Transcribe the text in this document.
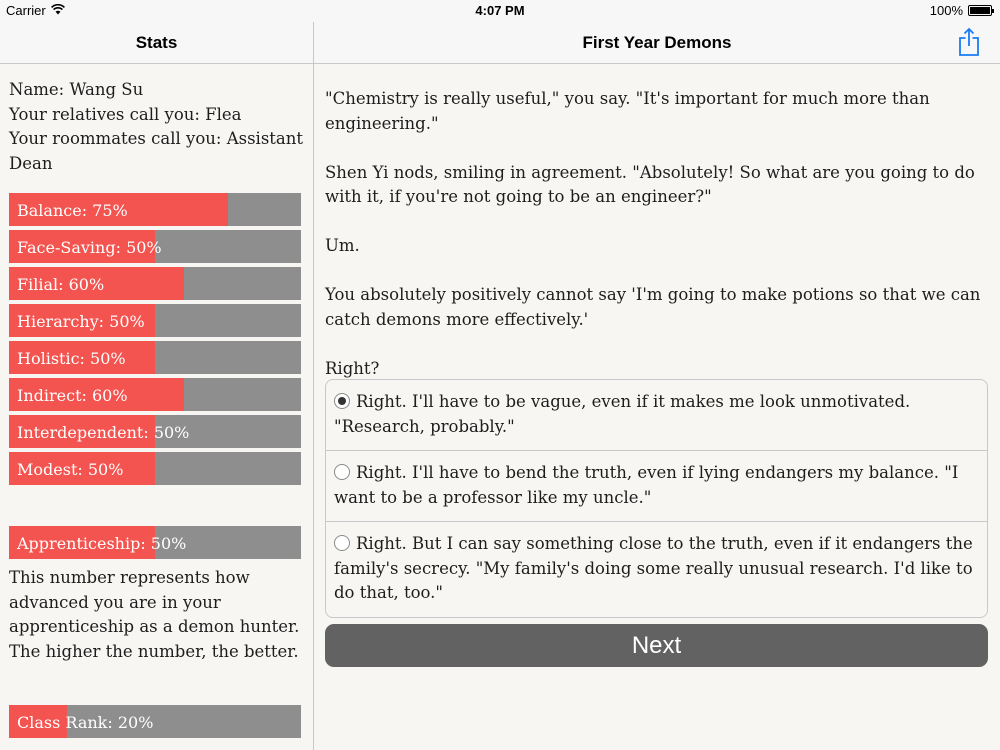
Carrier	4:07 PM	100%
Stats	First Year Demons
Name: Wang Su
Your relatives call you: Flea
Your roommates call you: Assistant Dean
Balance: 75%
Face-Saving: 50%
Filial: 60%
Hierarchy: 50%
Holistic: 50%
Indirect: 60%
Interdependent: 50%
Modest: 50%
Apprenticeship: 50%
This number represents how advanced you are in your apprenticeship as a demon hunter. The higher the number, the better.
Class Rank: 20%

"Chemistry is really useful," you say. "It's important for much more than engineering."

Shen Yi nods, smiling in agreement. "Absolutely! So what are you going to do with it, if you're not going to be an engineer?"

Um.

You absolutely positively cannot say 'I'm going to make potions so that we can catch demons more effectively.'

Right?

Right. I'll have to be vague, even if it makes me look unmotivated. "Research, probably."
Right. I'll have to bend the truth, even if lying endangers my balance. "I want to be a professor like my uncle."
Right. But I can say something close to the truth, even if it endangers the family's secrecy. "My family's doing some really unusual research. I'd like to do that, too."
Next
